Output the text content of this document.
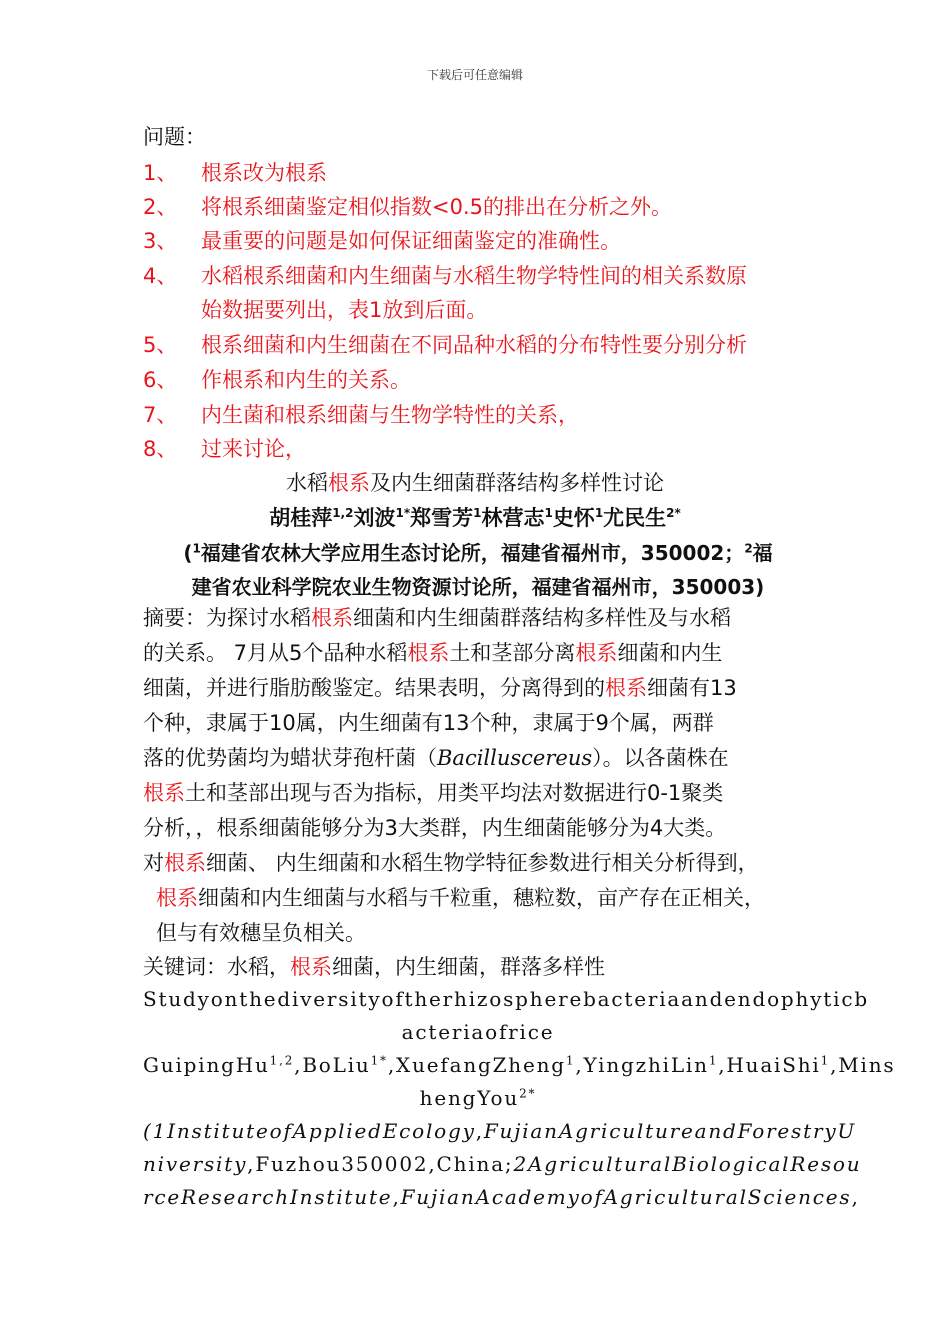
下载后可任意编辑
问题：
1、	根系改为根系
2、	将根系细菌鉴定相似指数<0.5的排出在分析之外。
3、	最重要的问题是如何保证细菌鉴定的准确性。
4、	水稻根系细菌和内生细菌与水稻生物学特性间的相关系数原
始数据要列出，表1放到后面。
5、	根系细菌和内生细菌在不同品种水稻的分布特性要分别分析
6、	作根系和内生的关系。
7、	内生菌和根系细菌与生物学特性的关系，
8、	过来讨论，
水稻根系及内生细菌群落结构多样性讨论
胡桂萍$^{1,2}$刘波$^{1*}$郑雪芳$^1$林营志$^1$史怀$^1$尤民生$^{2*}$
($^1$福建省农林大学应用生态讨论所，福建省福州市，350002；$^2$福
建省农业科学院农业生物资源讨论所，福建省福州市，350003)
摘要：为探讨水稻根系细菌和内生细菌群落结构多样性及与水稻
的关系。 7月从5个品种水稻根系土和茎部分离根系细菌和内生
细菌，并进行脂肪酸鉴定。结果表明，分离得到的根系细菌有13
个种，隶属于10属，内生细菌有13个种，隶属于9个属，两群
落的优势菌均为蜡状芽孢杆菌（Bacilluscereus）。以各菌株在
根系土和茎部出现与否为指标，用类平均法对数据进行0-1聚类
分析，，根系细菌能够分为3大类群，内生细菌能够分为4大类。
对根系细菌、 内生细菌和水稻生物学特征参数进行相关分析得到，
根系细菌和内生细菌与水稻与千粒重，穗粒数，亩产存在正相关，
但与有效穗呈负相关。
关键词：水稻，根系细菌，内生细菌，群落多样性
Studyonthediversityoftherhizospherebacteriaandendophyticb
acteriaofrice
GuipingHu$^{1,2}$,BoLiu$^{1*}$,XuefangZheng$^1$,YingzhiLin$^1$,HuaiShi$^1$,Mins
hengYou$^{2*}$
(1InstituteofAppliedEcology,FujianAgricultureandForestryU
niversity,Fuzhou350002,China;2AgriculturalBiologicalResou
rceResearchInstitute,FujianAcademyofAgriculturalSciences,
